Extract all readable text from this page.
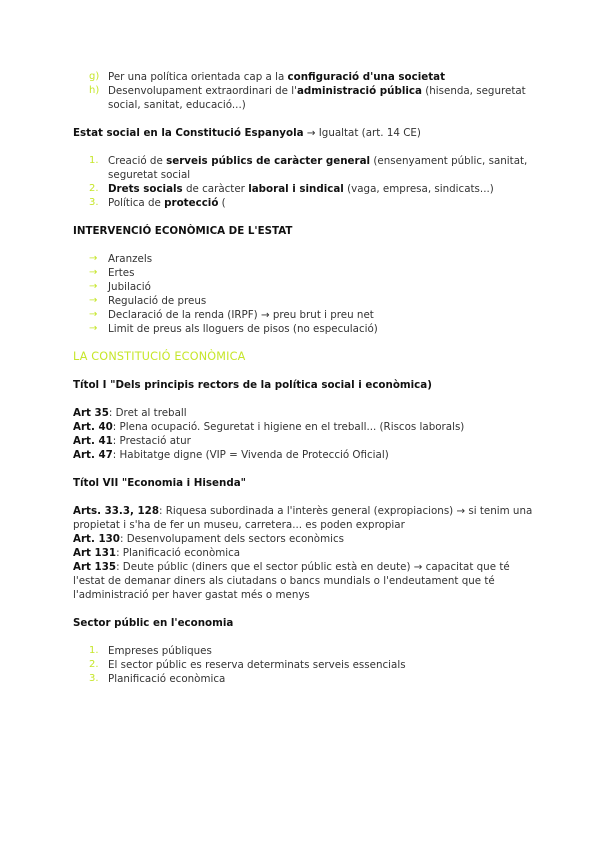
g) Per una política orientada cap a la configuració d'una societat
h) Desenvolupament extraordinari de l'administració pública (hisenda, seguretat social, sanitat, educació...)
Estat social en la Constitució Espanyola → Igualtat (art. 14 CE)
1. Creació de serveis públics de caràcter general (ensenyament públic, sanitat, seguretat social
2. Drets socials de caràcter laboral i sindical (vaga, empresa, sindicats...)
3. Política de protecció (
INTERVENCIÓ ECONÒMICA DE L'ESTAT
→ Aranzels
→ Ertes
→ Jubilació
→ Regulació de preus
→ Declaració de la renda (IRPF) → preu brut i preu net
→ Limit de preus als lloguers de pisos (no especulació)
LA CONSTITUCIÓ ECONÒMICA
Títol I "Dels principis rectors de la política social i econòmica)
Art 35: Dret al treball
Art. 40: Plena ocupació. Seguretat i higiene en el treball... (Riscos laborals)
Art. 41: Prestació atur
Art. 47: Habitatge digne (VIP = Vivenda de Protecció Oficial)
Títol VII "Economia i Hisenda"
Arts. 33.3, 128: Riquesa subordinada a l'interès general (expropiacions) → si tenim una propietat i s'ha de fer un museu, carretera... es poden expropiar
Art. 130: Desenvolupament dels sectors econòmics
Art 131: Planificació econòmica
Art 135: Deute públic (diners que el sector públic està en deute) → capacitat que té l'estat de demanar diners als ciutadans o bancs mundials o l'endeutament que té l'administració per haver gastat més o menys
Sector públic en l'economia
1. Empreses públiques
2. El sector públic es reserva determinats serveis essencials
3. Planificació econòmica
